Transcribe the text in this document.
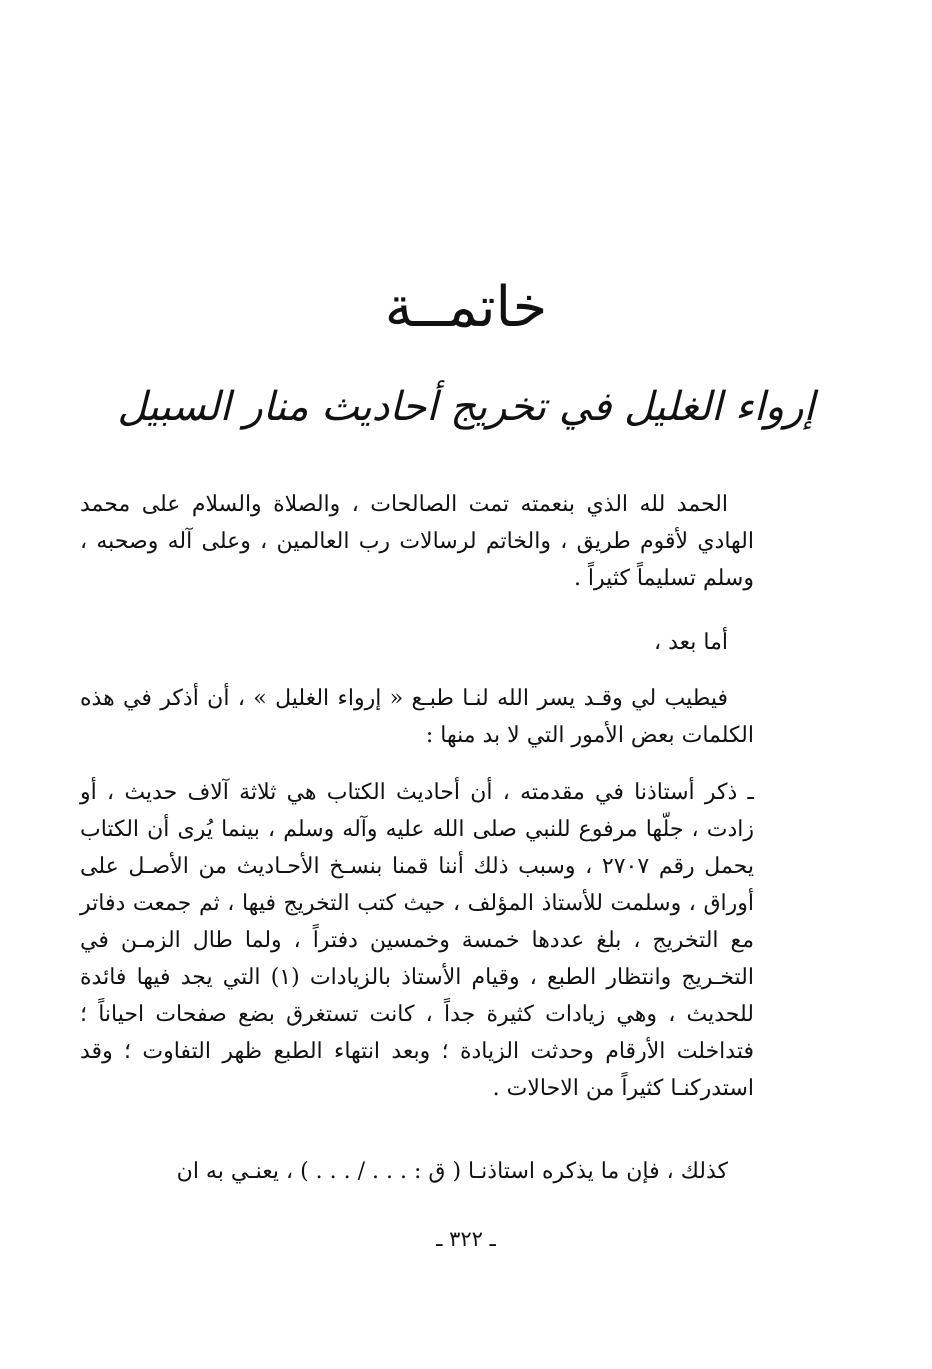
خاتمــة
إرواء الغليل في تخريج أحاديث منار السبيل

الحمد لله الذي بنعمته تمت الصالحات ، والصلاة والسلام على محمد الهادي لأقوم طريق ، والخاتم لرسالات رب العالمين ، وعلى آله وصحبه ، وسلم تسليماً كثيراً .

أما بعد ،

فيطيب لي وقـد يسر الله لنـا طبـع « إرواء الغليل » ، أن أذكر في هذه الكلمات بعض الأمور التي لا بد منها :

ـ ذكر أستاذنا في مقدمته ، أن أحاديث الكتاب هي ثلاثة آلاف حديث ، أو زادت ، جلّها مرفوع للنبي صلى الله عليه وآله وسلم ، بينما يُرى أن الكتاب يحمل رقم ٢٧٠٧ ، وسبب ذلك أننا قمنا بنسـخ الأحـاديث من الأصـل على أوراق ، وسلمت للأستاذ المؤلف ، حيث كتب التخريج فيها ، ثم جمعت دفاتر مع التخريج ، بلغ عددها خمسة وخمسين دفتراً ، ولما طال الزمـن في التخـريج وانتظار الطبع ، وقيام الأستاذ بالزيادات (١) التي يجد فيها فائدة للحديث ، وهي زيادات كثيرة جداً ، كانت تستغرق بضع صفحات احياناً ؛ فتداخلت الأرقام وحدثت الزيادة ؛ وبعد انتهاء الطبع ظهر التفاوت ؛ وقد استدركنـا كثيراً من الاحالات .

كذلك ، فإن ما يذكره استاذنـا ( ق : . . . / . . . ) ، يعنـي به ان

ـ ٣٢٢ ـ
